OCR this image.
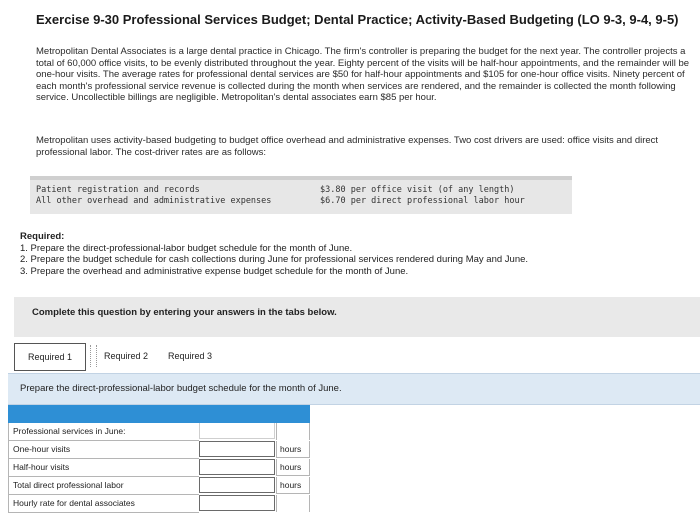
Exercise 9-30 Professional Services Budget; Dental Practice; Activity-Based Budgeting (LO 9-3, 9-4, 9-5)
Metropolitan Dental Associates is a large dental practice in Chicago. The firm's controller is preparing the budget for the next year. The controller projects a total of 60,000 office visits, to be evenly distributed throughout the year. Eighty percent of the visits will be half-hour appointments, and the remainder will be one-hour visits. The average rates for professional dental services are $50 for half-hour appointments and $105 for one-hour office visits. Ninety percent of each month's professional service revenue is collected during the month when services are rendered, and the remainder is collected the month following service. Uncollectible billings are negligible. Metropolitan's dental associates earn $85 per hour.
Metropolitan uses activity-based budgeting to budget office overhead and administrative expenses. Two cost drivers are used: office visits and direct professional labor. The cost-driver rates are as follows:
Patient registration and records	$3.80 per office visit (of any length)
All other overhead and administrative expenses	$6.70 per direct professional labor hour
Required:
1. Prepare the direct-professional-labor budget schedule for the month of June.
2. Prepare the budget schedule for cash collections during June for professional services rendered during May and June.
3. Prepare the overhead and administrative expense budget schedule for the month of June.
Complete this question by entering your answers in the tabs below.
Required 1	Required 2	Required 3
Prepare the direct-professional-labor budget schedule for the month of June.
Professional services in June:
One-hour visits	hours
Half-hour visits	hours
Total direct professional labor	hours
Hourly rate for dental associates
